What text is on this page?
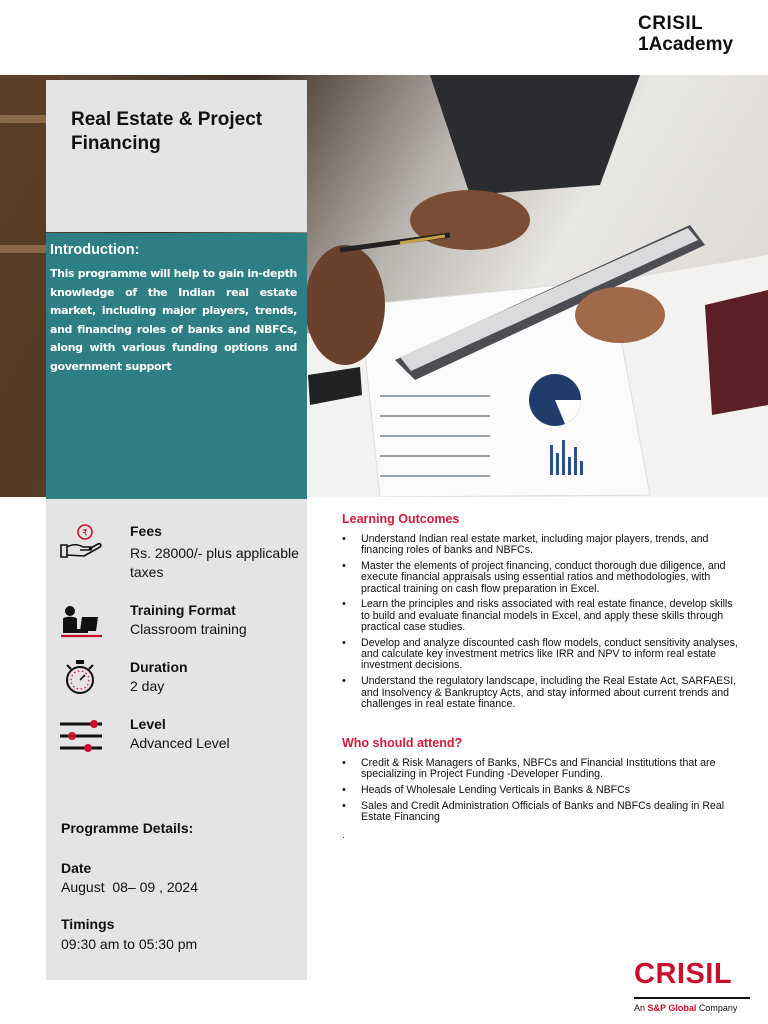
CRISIL
1Academy
Real Estate & Project Financing
Introduction:
This programme will help to gain in-depth knowledge of the Indian real estate market, including major players, trends, and financing roles of banks and NBFCs, along with various funding options and government support
₹	Fees
Rs. 28000/- plus applicable taxes
Training Format
Classroom training
Duration
2 day
Level
Advanced Level
Programme Details:
Date
August  08– 09 , 2024
Timings
09:30 am to 05:30 pm
Learning Outcomes
• Understand Indian real estate market, including major players, trends, and financing roles of banks and NBFCs.
• Master the elements of project financing, conduct thorough due diligence, and execute financial appraisals using essential ratios and methodologies, with practical training on cash flow preparation in Excel.
• Learn the principles and risks associated with real estate finance, develop skills to build and evaluate financial models in Excel, and apply these skills through practical case studies.
• Develop and analyze discounted cash flow models, conduct sensitivity analyses, and calculate key investment metrics like IRR and NPV to inform real estate investment decisions.
• Understand the regulatory landscape, including the Real Estate Act, SARFAESI, and Insolvency & Bankruptcy Acts, and stay informed about current trends and challenges in real estate finance.
Who should attend?
• Credit & Risk Managers of Banks, NBFCs and Financial Institutions that are specializing in Project Funding -Developer Funding.
• Heads of Wholesale Lending Verticals in Banks & NBFCs
• Sales and Credit Administration Officials of Banks and NBFCs dealing in Real Estate Financing
.
CRISIL
An S&P Global Company
